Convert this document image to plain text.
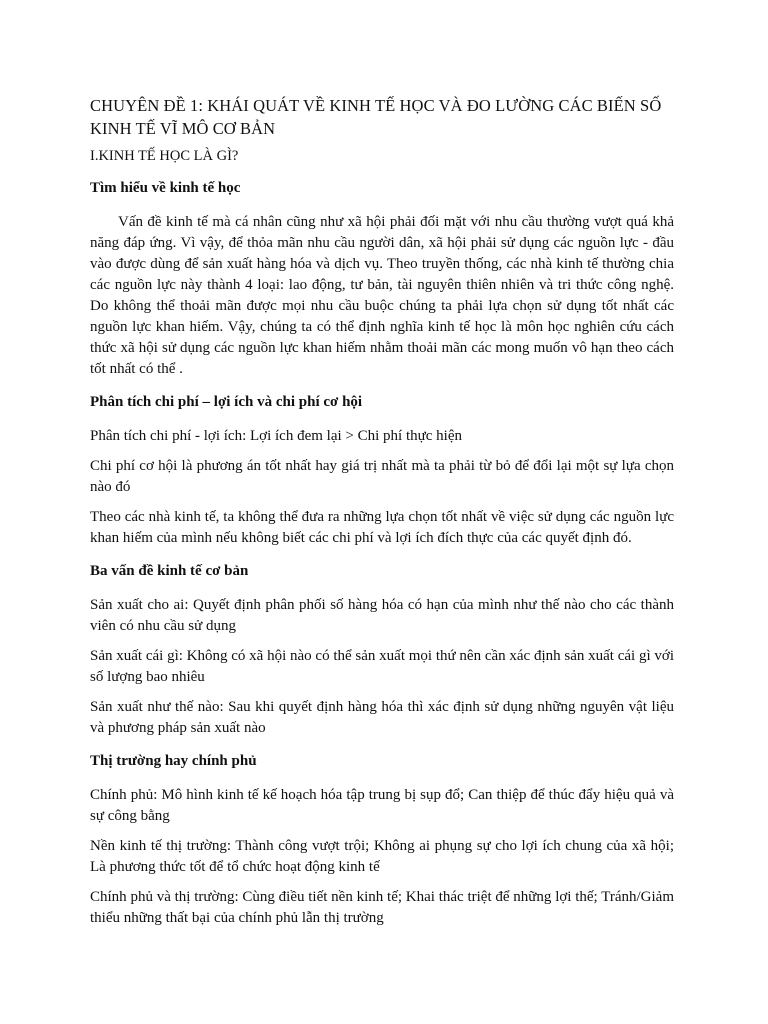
CHUYÊN ĐỀ 1: KHÁI QUÁT VỀ KINH TẾ HỌC VÀ ĐO LƯỜNG CÁC BIẾN SỐ KINH TẾ VĨ MÔ CƠ BẢN
I.KINH TẾ HỌC LÀ GÌ?
Tìm hiểu về kinh tế học

Vấn đề kinh tế mà cá nhân cũng như xã hội phải đối mặt với nhu cầu thường vượt quá khả năng đáp ứng. Vì vậy, để thỏa mãn nhu cầu người dân, xã hội phải sử dụng các nguồn lực - đầu vào được dùng để sản xuất hàng hóa và dịch vụ. Theo truyền thống, các nhà kinh tế thường chia các nguồn lực này thành 4 loại: lao động, tư bản, tài nguyên thiên nhiên và tri thức công nghệ. Do không thể thoải mãn được mọi nhu cầu buộc chúng ta phải lựa chọn sử dụng tốt nhất các nguồn lực khan hiếm. Vậy, chúng ta có thể định nghĩa kinh tế học là môn học nghiên cứu cách thức xã hội sử dụng các nguồn lực khan hiếm nhằm thoải mãn các mong muốn vô hạn theo cách tốt nhất có thể .

Phân tích chi phí – lợi ích và chi phí cơ hội

Phân tích chi phí - lợi ích: Lợi ích đem lại > Chi phí thực hiện

Chi phí cơ hội là phương án tốt nhất hay giá trị nhất mà ta phải từ bỏ để đổi lại một sự lựa chọn nào đó

Theo các nhà kinh tế, ta không thể đưa ra những lựa chọn tốt nhất về việc sử dụng các nguồn lực khan hiếm của mình nếu không biết các chi phí và lợi ích đích thực của các quyết định đó.

Ba vấn đề kinh tế cơ bản

Sản xuất cho ai: Quyết định phân phối số hàng hóa có hạn của mình như thế nào cho các thành viên có nhu cầu sử dụng

Sản xuất cái gì: Không có xã hội nào có thể sản xuất mọi thứ nên cần xác định sản xuất cái gì với số lượng bao nhiêu

Sản xuất như thế nào: Sau khi quyết định hàng hóa thì xác định sử dụng những nguyên vật liệu và phương pháp sản xuất nào

Thị trường hay chính phủ

Chính phủ: Mô hình kinh tế kế hoạch hóa tập trung bị sụp đổ; Can thiệp để thúc đẩy hiệu quả và sự công bằng

Nền kinh tế thị trường: Thành công vượt trội; Không ai phụng sự cho lợi ích chung của xã hội; Là phương thức tốt để tổ chức hoạt động kinh tế

Chính phủ và thị trường: Cùng điều tiết nền kinh tế; Khai thác triệt để những lợi thế; Tránh/Giảm thiểu những thất bại của chính phủ lẫn thị trường
